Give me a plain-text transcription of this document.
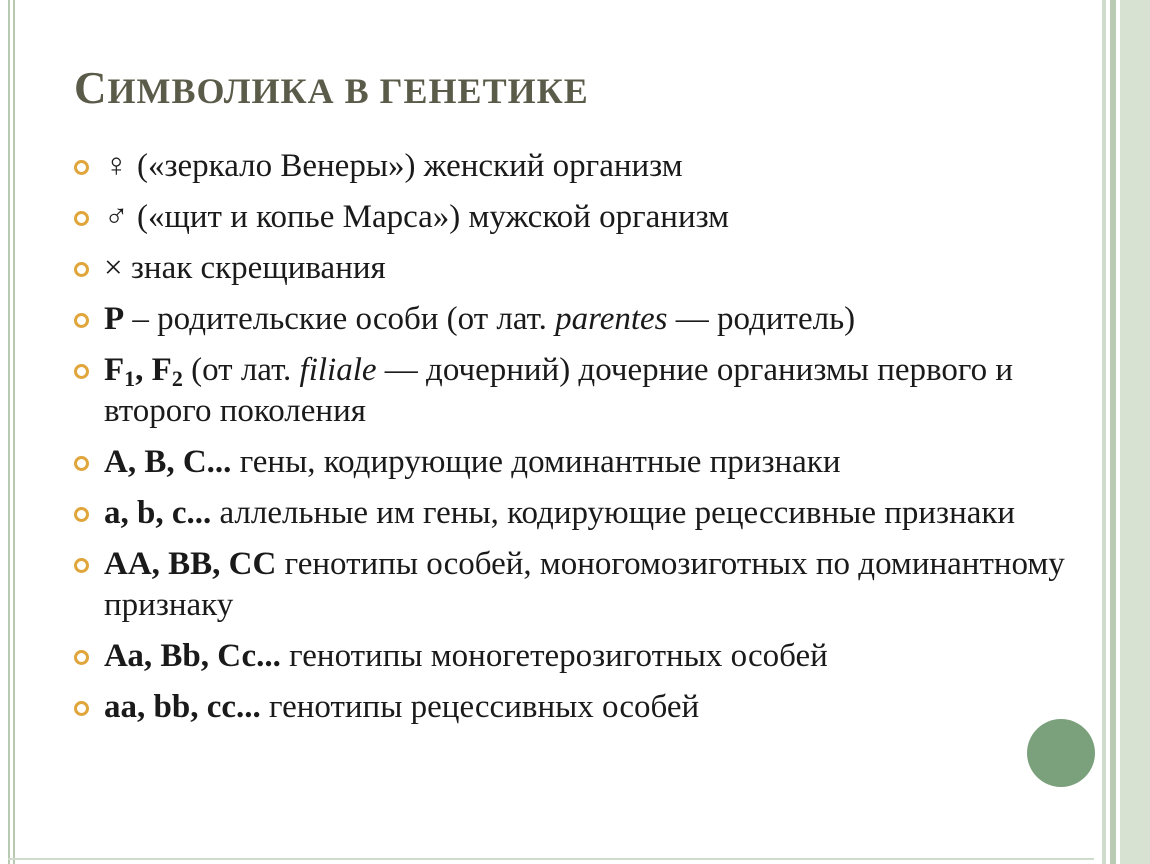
СИМВОЛИКА В ГЕНЕТИКЕ
♀ («зеркало Венеры») женский организм
♂ («щит и копье Марса») мужской организм
× знак скрещивания
Р – родительские особи (от лат. parentes — родитель)
$F_1$, $F_2$ (от лат. filiale — дочерний) дочерние организмы первого и второго поколения
А, В, С... гены, кодирующие доминантные признаки
a, b, с... аллельные им гены, кодирующие рецессивные признаки
АА, ВВ, СС генотипы особей, моногомозиготных по доминантному признаку
Аа, Вb, Сс... генотипы моногетерозиготных особей
аа, bb, сс... генотипы рецессивных особей
